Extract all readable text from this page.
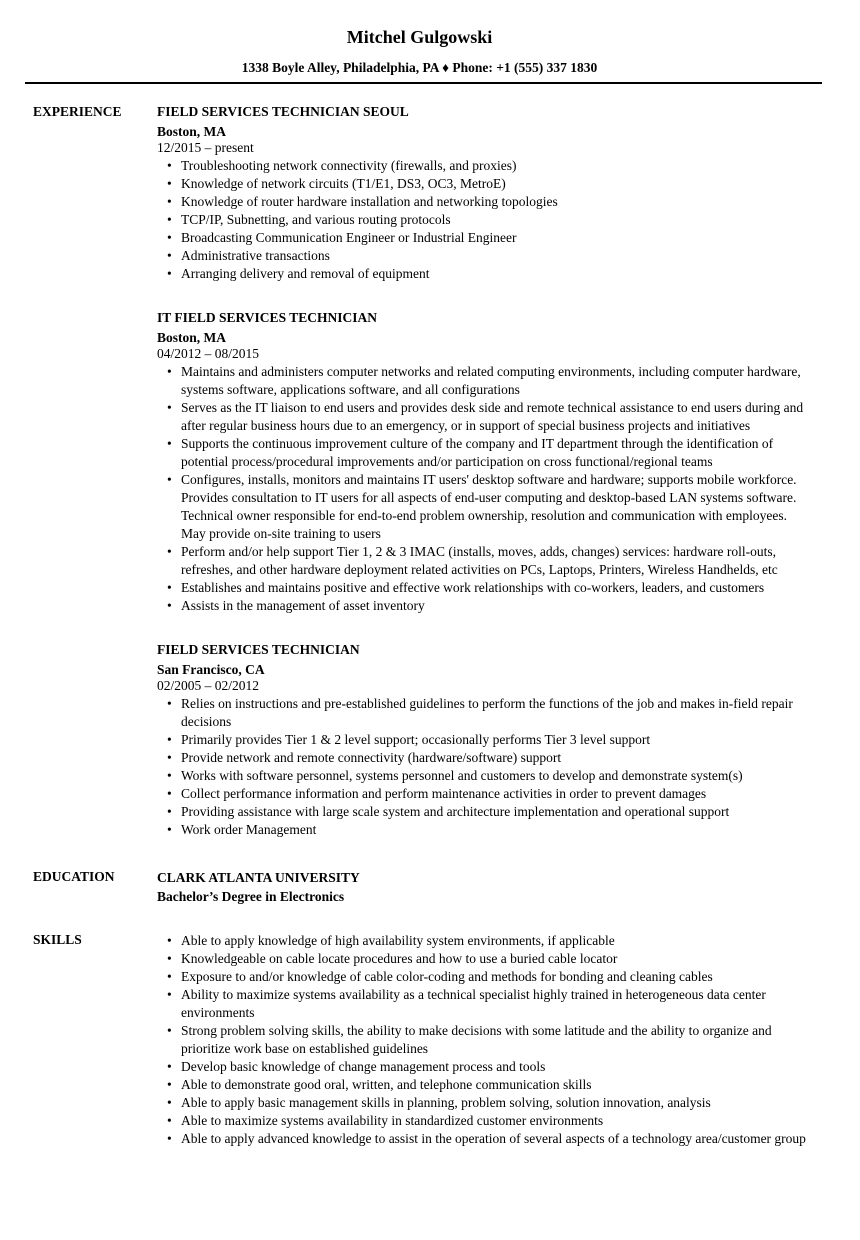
Mitchel Gulgowski
1338 Boyle Alley, Philadelphia, PA ♦ Phone: +1 (555) 337 1830
EXPERIENCE	FIELD SERVICES TECHNICIAN SEOUL
Boston, MA
12/2015 – present
• Troubleshooting network connectivity (firewalls, and proxies)
• Knowledge of network circuits (T1/E1, DS3, OC3, MetroE)
• Knowledge of router hardware installation and networking topologies
• TCP/IP, Subnetting, and various routing protocols
• Broadcasting Communication Engineer or Industrial Engineer
• Administrative transactions
• Arranging delivery and removal of equipment
IT FIELD SERVICES TECHNICIAN
Boston, MA
04/2012 – 08/2015
• Maintains and administers computer networks and related computing environments, including computer hardware, systems software, applications software, and all configurations
• Serves as the IT liaison to end users and provides desk side and remote technical assistance to end users during and after regular business hours due to an emergency, or in support of special business projects and initiatives
• Supports the continuous improvement culture of the company and IT department through the identification of potential process/procedural improvements and/or participation on cross functional/regional teams
• Configures, installs, monitors and maintains IT users' desktop software and hardware; supports mobile workforce. Provides consultation to IT users for all aspects of end-user computing and desktop-based LAN systems software. Technical owner responsible for end-to-end problem ownership, resolution and communication with employees. May provide on-site training to users
• Perform and/or help support Tier 1, 2 & 3 IMAC (installs, moves, adds, changes) services: hardware roll-outs, refreshes, and other hardware deployment related activities on PCs, Laptops, Printers, Wireless Handhelds, etc
• Establishes and maintains positive and effective work relationships with co-workers, leaders, and customers
• Assists in the management of asset inventory
FIELD SERVICES TECHNICIAN
San Francisco, CA
02/2005 – 02/2012
• Relies on instructions and pre-established guidelines to perform the functions of the job and makes in-field repair decisions
• Primarily provides Tier 1 & 2 level support; occasionally performs Tier 3 level support
• Provide network and remote connectivity (hardware/software) support
• Works with software personnel, systems personnel and customers to develop and demonstrate system(s)
• Collect performance information and perform maintenance activities in order to prevent damages
• Providing assistance with large scale system and architecture implementation and operational support
• Work order Management
EDUCATION	CLARK ATLANTA UNIVERSITY
Bachelor’s Degree in Electronics
SKILLS	• Able to apply knowledge of high availability system environments, if applicable
• Knowledgeable on cable locate procedures and how to use a buried cable locator
• Exposure to and/or knowledge of cable color-coding and methods for bonding and cleaning cables
• Ability to maximize systems availability as a technical specialist highly trained in heterogeneous data center environments
• Strong problem solving skills, the ability to make decisions with some latitude and the ability to organize and prioritize work base on established guidelines
• Develop basic knowledge of change management process and tools
• Able to demonstrate good oral, written, and telephone communication skills
• Able to apply basic management skills in planning, problem solving, solution innovation, analysis
• Able to maximize systems availability in standardized customer environments
• Able to apply advanced knowledge to assist in the operation of several aspects of a technology area/customer group
